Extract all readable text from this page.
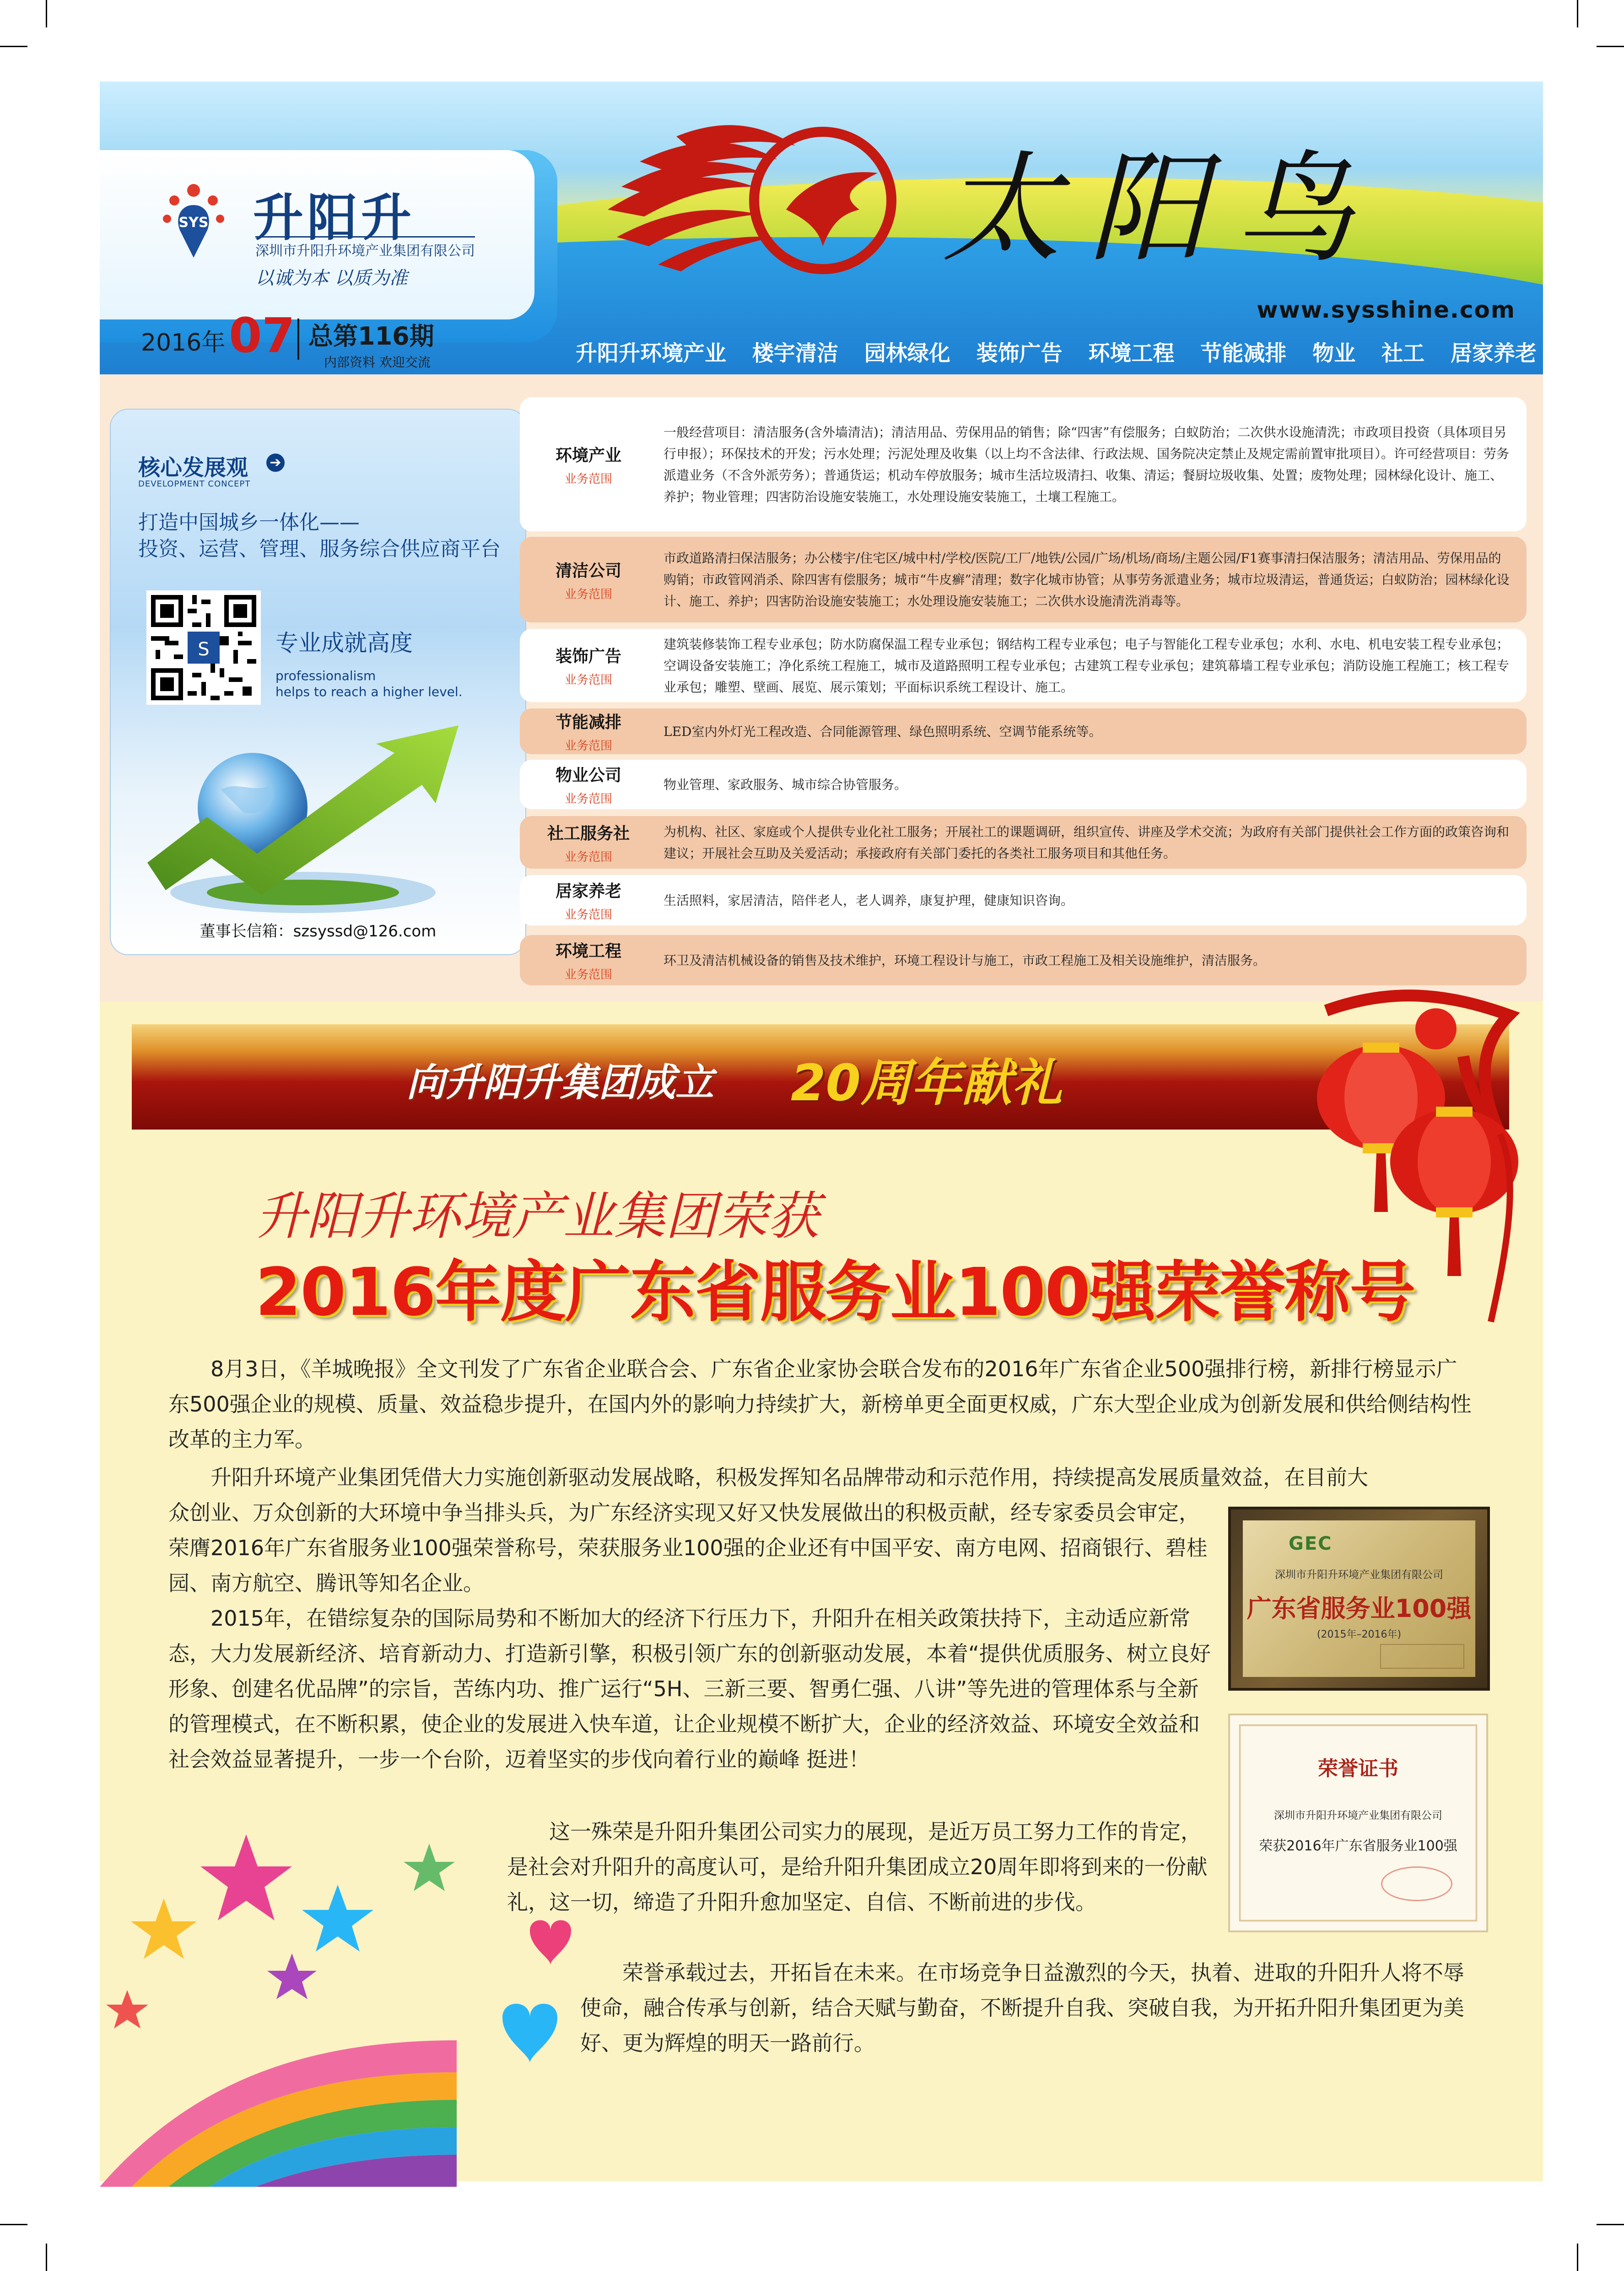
SYS 升阳升
深圳市升阳升环境产业集团有限公司
以诚为本 以质为准
2016年 07 总第116期
内部资料 欢迎交流
太阳鸟
www.sysshine.com
升阳升环境产业 楼宇清洁 园林绿化 装饰广告 环境工程 节能减排 物业 社工 居家养老
核心发展观 ➔
DEVELOPMENT CONCEPT
打造中国城乡一体化——
投资、运营、管理、服务综合供应商平台
S	专业成就高度
professionalism
helps to reach a higher level.
董事长信箱：szsyssd@126.com
环境产业
业务范围
一般经营项目：清洁服务(含外墙清洁)；清洁用品、劳保用品的销售；除“四害”有偿服务；白蚁防治；二次供水设施清洗；市政项目投资（具体项目另行申报）；环保技术的开发；污水处理；污泥处理及收集（以上均不含法律、行政法规、国务院决定禁止及规定需前置审批项目）。许可经营项目：劳务派遣业务（不含外派劳务）；普通货运；机动车停放服务；城市生活垃圾清扫、收集、清运；餐厨垃圾收集、处置；废物处理；园林绿化设计、施工、养护；物业管理；四害防治设施安装施工，水处理设施安装施工，土壤工程施工。
清洁公司
业务范围
市政道路清扫保洁服务；办公楼宇/住宅区/城中村/学校/医院/工厂/地铁/公园/广场/机场/商场/主题公园/F1赛事清扫保洁服务；清洁用品、劳保用品的购销；市政管网消杀、除四害有偿服务；城市“牛皮癣”清理；数字化城市协管；从事劳务派遣业务；城市垃圾清运，普通货运；白蚁防治；园林绿化设计、施工、养护；四害防治设施安装施工；水处理设施安装施工；二次供水设施清洗消毒等。
装饰广告
业务范围
建筑装修装饰工程专业承包；防水防腐保温工程专业承包；钢结构工程专业承包；电子与智能化工程专业承包；水利、水电、机电安装工程专业承包；空调设备安装施工；净化系统工程施工，城市及道路照明工程专业承包；古建筑工程专业承包；建筑幕墙工程专业承包；消防设施工程施工；核工程专业承包；雕塑、壁画、展览、展示策划；平面标识系统工程设计、施工。
节能减排
业务范围
LED室内外灯光工程改造、合同能源管理、绿色照明系统、空调节能系统等。
物业公司
业务范围
物业管理、家政服务、城市综合协管服务。
社工服务社
业务范围
为机构、社区、家庭或个人提供专业化社工服务；开展社工的课题调研，组织宣传、讲座及学术交流；为政府有关部门提供社会工作方面的政策咨询和建议；开展社会互助及关爱活动；承接政府有关部门委托的各类社工服务项目和其他任务。
居家养老
业务范围
生活照料，家居清洁，陪伴老人，老人调养，康复护理，健康知识咨询。
环境工程
业务范围
环卫及清洁机械设备的销售及技术维护，环境工程设计与施工，市政工程施工及相关设施维护，清洁服务。
向升阳升集团成立 20周年献礼
升阳升环境产业集团荣获
2016年度广东省服务业100强荣誉称号

8月3日，《羊城晚报》全文刊发了广东省企业联合会、广东省企业家协会联合发布的2016年广东省企业500强排行榜，新排行榜显示广东500强企业的规模、质量、效益稳步提升，在国内外的影响力持续扩大，新榜单更全面更权威，广东大型企业成为创新发展和供给侧结构性改革的主力军。

升阳升环境产业集团凭借大力实施创新驱动发展战略，积极发挥知名品牌带动和示范作用，持续提高发展质量效益，在目前大

众创业、万众创新的大环境中争当排头兵，为广东经济实现又好又快发展做出的积极贡献，经专家委员会审定，荣膺2016年广东省服务业100强荣誉称号，荣获服务业100强的企业还有中国平安、南方电网、招商银行、碧桂园、南方航空、腾讯等知名企业。

2015年，在错综复杂的国际局势和不断加大的经济下行压力下，升阳升在相关政策扶持下，主动适应新常态，大力发展新经济、培育新动力、打造新引擎，积极引领广东的创新驱动发展，本着“提供优质服务、树立良好形象、创建名优品牌”的宗旨，苦练内功、推广运行“5H、三新三要、智勇仁强、八讲”等先进的管理体系与全新的管理模式，在不断积累，使企业的发展进入快车道，让企业规模不断扩大，企业的经济效益、环境安全效益和社会效益显著提升，一步一个台阶，迈着坚实的步伐向着行业的巅峰 挺进！

这一殊荣是升阳升集团公司实力的展现，是近万员工努力工作的肯定，是社会对升阳升的高度认可，是给升阳升集团成立20周年即将到来的一份献礼，这一切，缔造了升阳升愈加坚定、自信、不断前进的步伐。

荣誉承载过去，开拓旨在未来。在市场竞争日益激烈的今天，执着、进取的升阳升人将不辱使命，融合传承与创新，结合天赋与勤奋，不断提升自我、突破自我，为开拓升阳升集团更为美好、更为辉煌的明天一路前行。

GEC
深圳市升阳升环境产业集团有限公司
广东省服务业100强
(2015年–2016年)
荣誉证书
深圳市升阳升环境产业集团有限公司
荣获2016年广东省服务业100强
